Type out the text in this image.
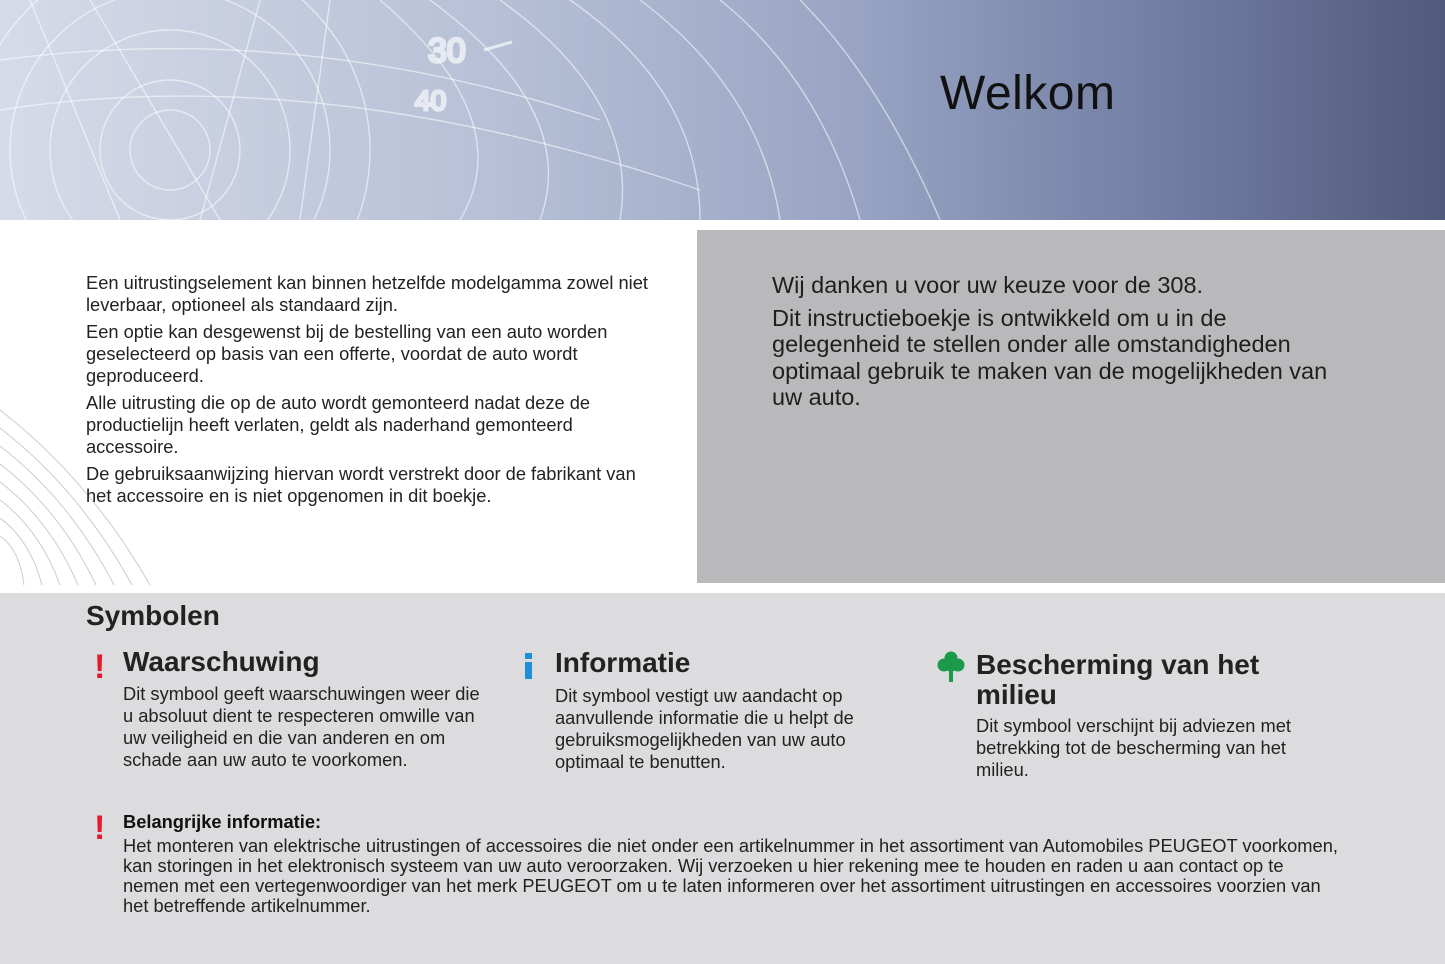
30
40	Welkom

Een uitrustingselement kan binnen hetzelfde modelgamma zowel niet leverbaar, optioneel als standaard zijn.

Een optie kan desgewenst bij de bestelling van een auto worden geselecteerd op basis van een offerte, voordat de auto wordt geproduceerd.

Alle uitrusting die op de auto wordt gemonteerd nadat deze de productielijn heeft verlaten, geldt als naderhand gemonteerd accessoire.

De gebruiksaanwijzing hiervan wordt verstrekt door de fabrikant van het accessoire en is niet opgenomen in dit boekje.

Wij danken u voor uw keuze voor de 308.

Dit instructieboekje is ontwikkeld om u in de gelegenheid te stellen onder alle omstandigheden optimaal gebruik te maken van de mogelijkheden van uw auto.

Symbolen
! Waarschuwing
Dit symbool geeft waarschuwingen weer die u absoluut dient te respecteren omwille van uw veiligheid en die van anderen en om schade aan uw auto te voorkomen.
Informatie
Dit symbool vestigt uw aandacht op aanvullende informatie die u helpt de gebruiksmogelijkheden van uw auto optimaal te benutten.
Bescherming van het milieu
Dit symbool verschijnt bij adviezen met betrekking tot de bescherming van het milieu.
! Belangrijke informatie:
Het monteren van elektrische uitrustingen of accessoires die niet onder een artikelnummer in het assortiment van Automobiles PEUGEOT voorkomen, kan storingen in het elektronisch systeem van uw auto veroorzaken. Wij verzoeken u hier rekening mee te houden en raden u aan contact op te nemen met een vertegenwoordiger van het merk PEUGEOT om u te laten informeren over het assortiment uitrustingen en accessoires voorzien van het betreffende artikelnummer.
